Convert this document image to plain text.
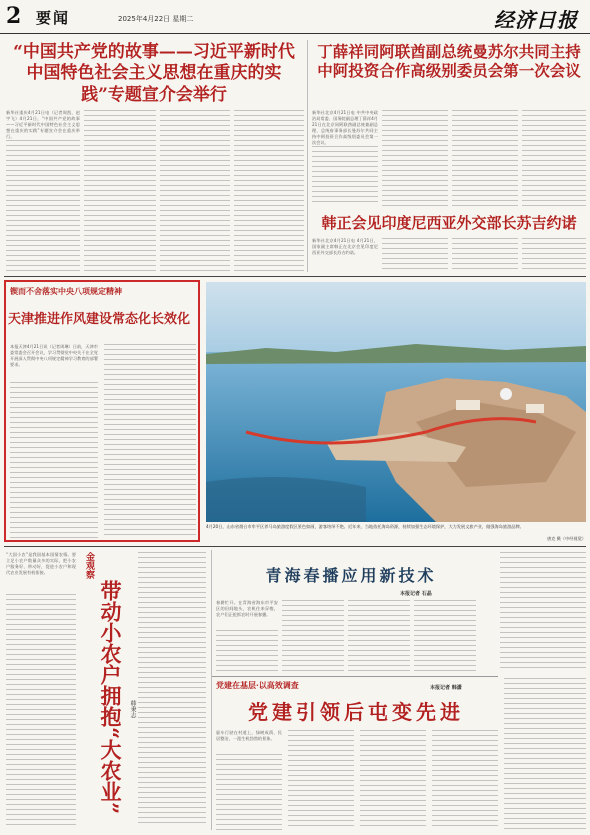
2 要闻	2025年4月22日 星期二	经济日报
“中国共产党的故事——习近平新时代中国特色社会主义思想在重庆的实践”专题宣介会举行
新华社重庆4月21日电（记者周凯、赵宇飞）4月21日，“中国共产党的故事——习近平新时代中国特色社会主义思想在重庆的实践”专题宣介会在重庆举行。
丁薛祥同阿联酋副总统曼苏尔共同主持中阿投资合作高级别委员会第一次会议
新华社北京4月21日电 中共中央政治局常委、国务院副总理丁薛祥4月21日在北京同阿联酋副总统兼副总理、总统府事务部长曼苏尔共同主持中阿投资合作高级别委员会第一次会议。
韩正会见印度尼西亚外交部长苏吉约诺
新华社北京4月21日电 4月21日，国家副主席韩正在北京会见印度尼西亚外交部长苏吉约诺。
锲而不舍落实中央八项规定精神
天津推进作风建设常态化长效化
本报天津4月21日讯（记者周琳）日前，天津市委常委会召开会议，学习贯彻党中央关于在全党开展深入贯彻中央八项规定精神学习教育的部署要求。
4月20日，山东省烟台市牟平区养马岛旅游度假区景色如画，游客络绎不绝。近年来，当地依托海岛资源，持续加强生态环境保护，大力发展文旅产业，做强海岛旅游品牌。
唐克 摄（中经视觉）
金观察
带动小农户拥抱“大农业” 韩秉志
“大国小农”是我国基本国情农情。要立足小农户数量众多的实际，把小农户服务好、带动好，促进小农户和现代农业发展有机衔接。	青海春播应用新技术
本报记者 石晶
春耕忙开。在青海省海东市平安区的田间地头，农机往来穿梭，农户们正抢抓农时开展春播。
党建在基层·以高效调查	本报记者 韩潇
党建引领后屯变先进
驱车行驶在村道上，绿树成荫、民居整洁，一派生机勃勃的景象。
